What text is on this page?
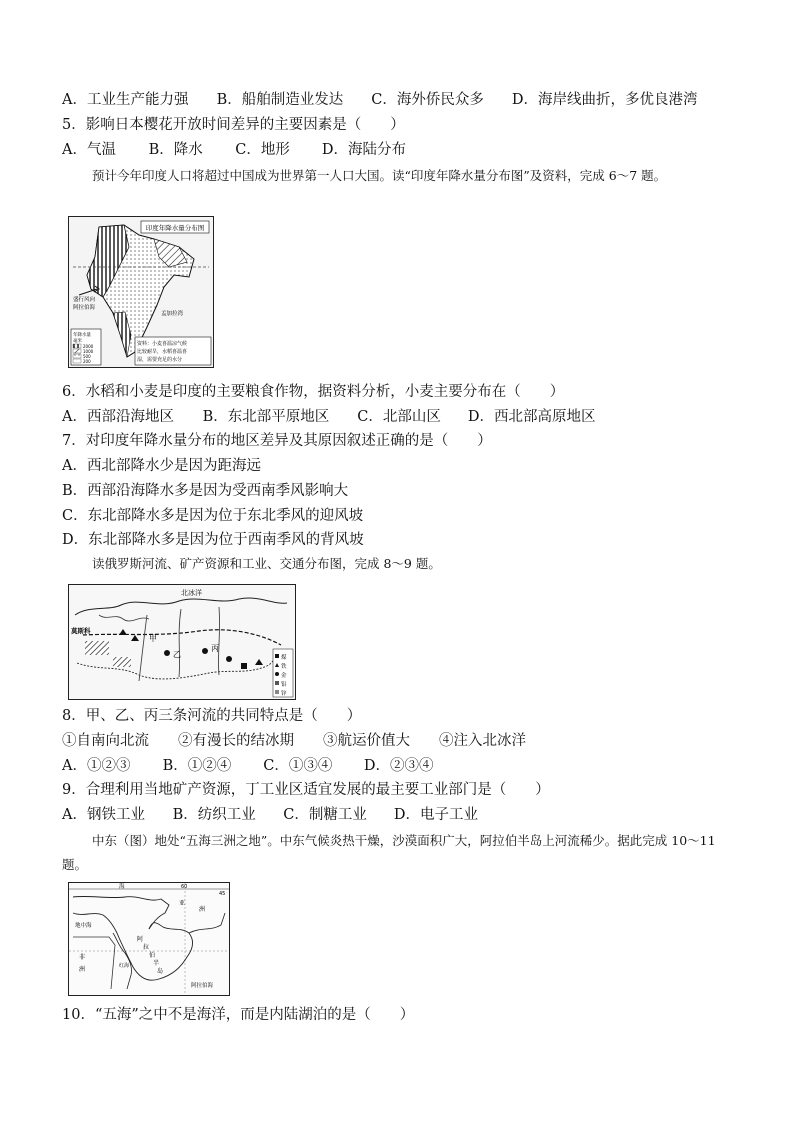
A．工业生产能力强 B．船舶制造业发达 C．海外侨民众多 D．海岸线曲折，多优良港湾
5．影响日本樱花开放时间差异的主要因素是（　　）
A．气温 B．降水 C．地形 D．海陆分布
预计今年印度人口将超过中国成为世界第一人口大国。读“印度年降水量分布图”及资料，完成 6～7 题。
印度年降水量分布图
盛行风向
阿拉伯海
孟加拉湾
年降水量
毫米
2000
1000
500
200
资料：小麦喜温凉气候
比较耐旱，水稻喜温喜
湿，需要充足的水分
6．水稻和小麦是印度的主要粮食作物，据资料分析，小麦主要分布在（　　）
A．西部沿海地区 B．东北部平原地区 C．北部山区 D．西北部高原地区
7．对印度年降水量分布的地区差异及其原因叙述正确的是（　　）
A．西北部降水少是因为距海远
B．西部沿海降水多是因为受西南季风影响大
C．东北部降水多是因为位于东北季风的迎风坡
D．东北部降水多是因为位于西南季风的背风坡
读俄罗斯河流、矿产资源和工业、交通分布图，完成 8～9 题。
北冰洋
莫斯科
甲
乙
丙
煤
铁
金
铝
锌
8．甲、乙、丙三条河流的共同特点是（　　）
①自南向北流　　②有漫长的结冰期　　③航运价值大　　④注入北冰洋
A．①②③ B．①②④ C．①③④ D．②③④
9．合理利用当地矿产资源，丁工业区适宜发展的最主要工业部门是（　　）
A．钢铁工业 B．纺织工业 C．制糖工业 D．电子工业
中东（图）地处“五海三洲之地”。中东气候炎热干燥，沙漠面积广大，阿拉伯半岛上河流稀少。据此完成 10～11 题。
海	60
45
亚
洲
地中海
阿
拉
伯
半
岛
阿拉伯海
非
洲	红海
10．“五海”之中不是海洋，而是内陆湖泊的是（　　）
